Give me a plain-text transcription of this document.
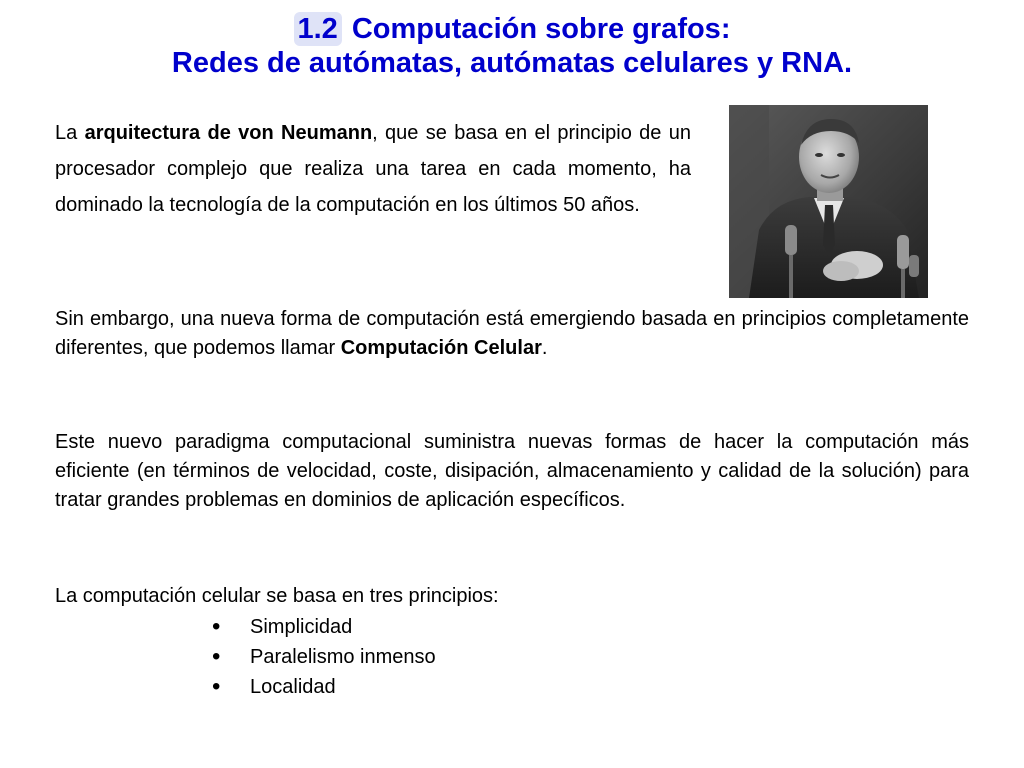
1.2 Computación sobre grafos:
Redes de autómatas, autómatas celulares y RNA.

La arquitectura de von Neumann, que se basa en el principio de un procesador complejo que realiza una tarea en cada momento, ha dominado la tecnología de la computación en los últimos 50 años.

Sin embargo, una nueva forma de computación está emergiendo basada en principios completamente diferentes, que podemos llamar Computación Celular.

Este nuevo paradigma computacional suministra nuevas formas de hacer la computación más eficiente (en términos de velocidad, coste, disipación, almacenamiento y calidad de la solución) para tratar grandes problemas en dominios de aplicación específicos.

La computación celular se basa en tres principios:

• Simplicidad
• Paralelismo inmenso
• Localidad
